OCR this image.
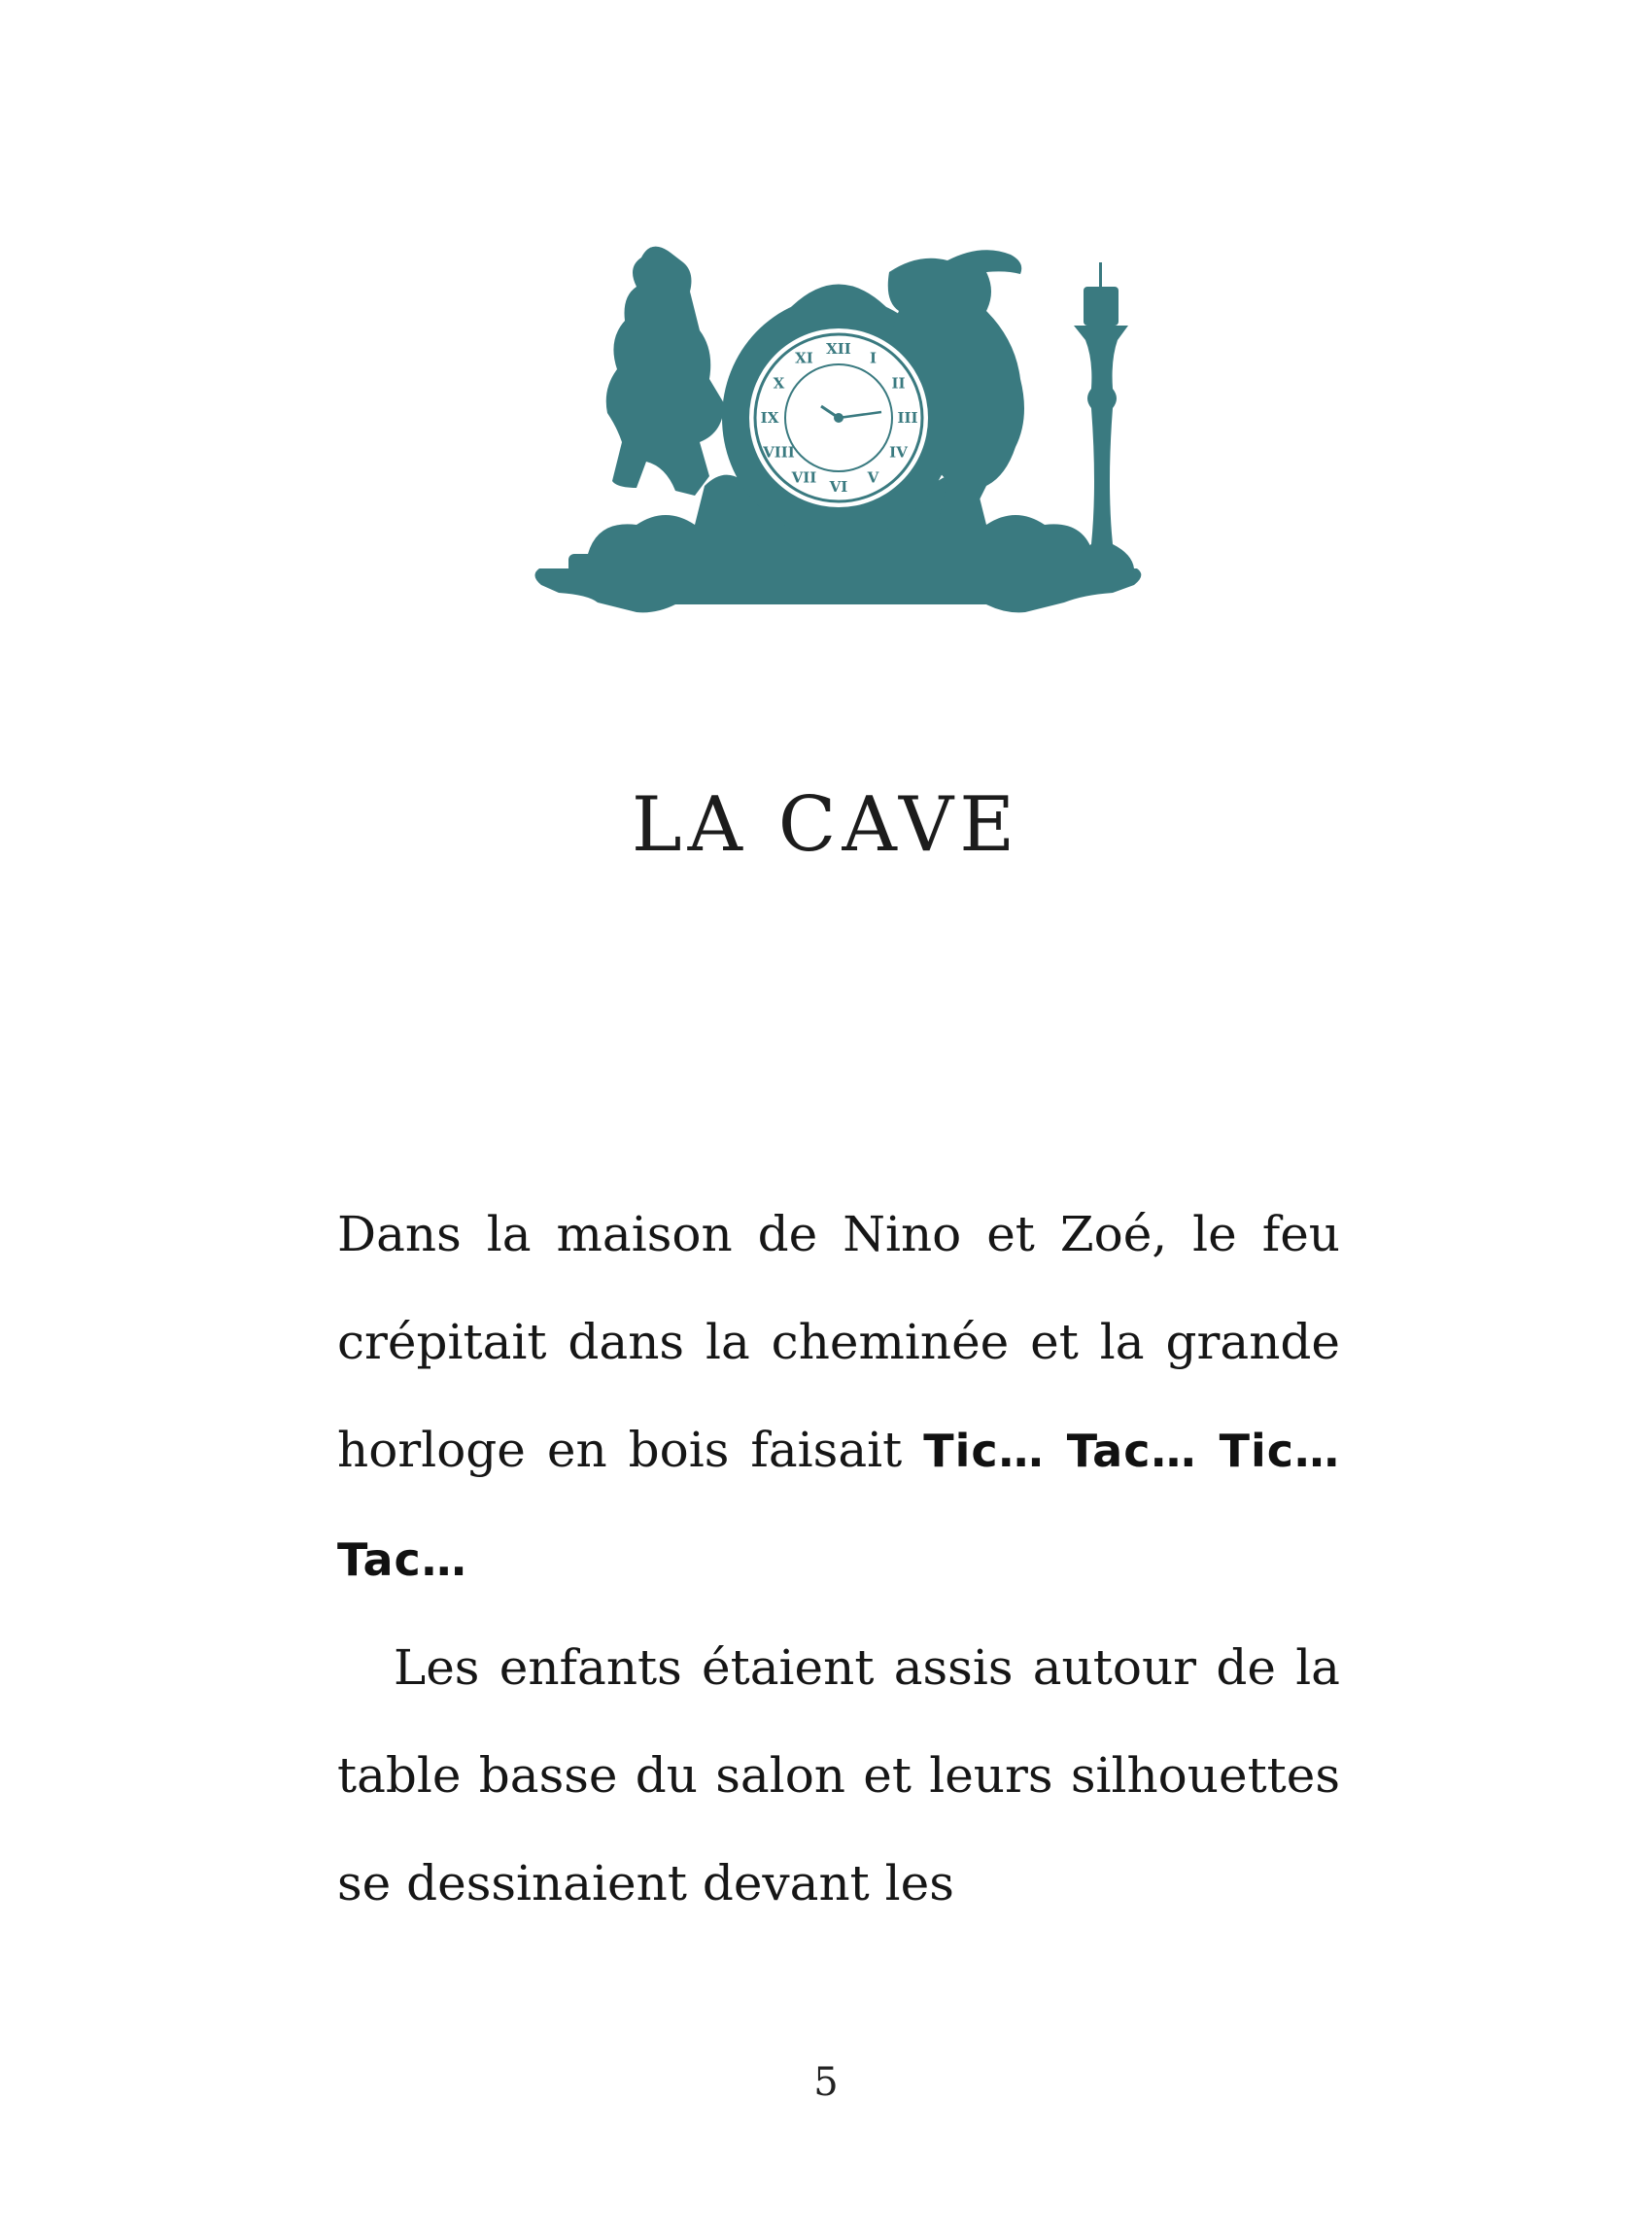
XII
I
II
III
IV
V
VI
VII
VIII
IX
X
XI
LA CAVE

Dans la maison de Nino et Zoé, le feu crépitait dans la cheminée et la grande horloge en bois faisait Tic… Tac… Tic… Tac…

Les enfants étaient assis autour de la table basse du salon et leurs silhouettes se dessinaient devant les

5
